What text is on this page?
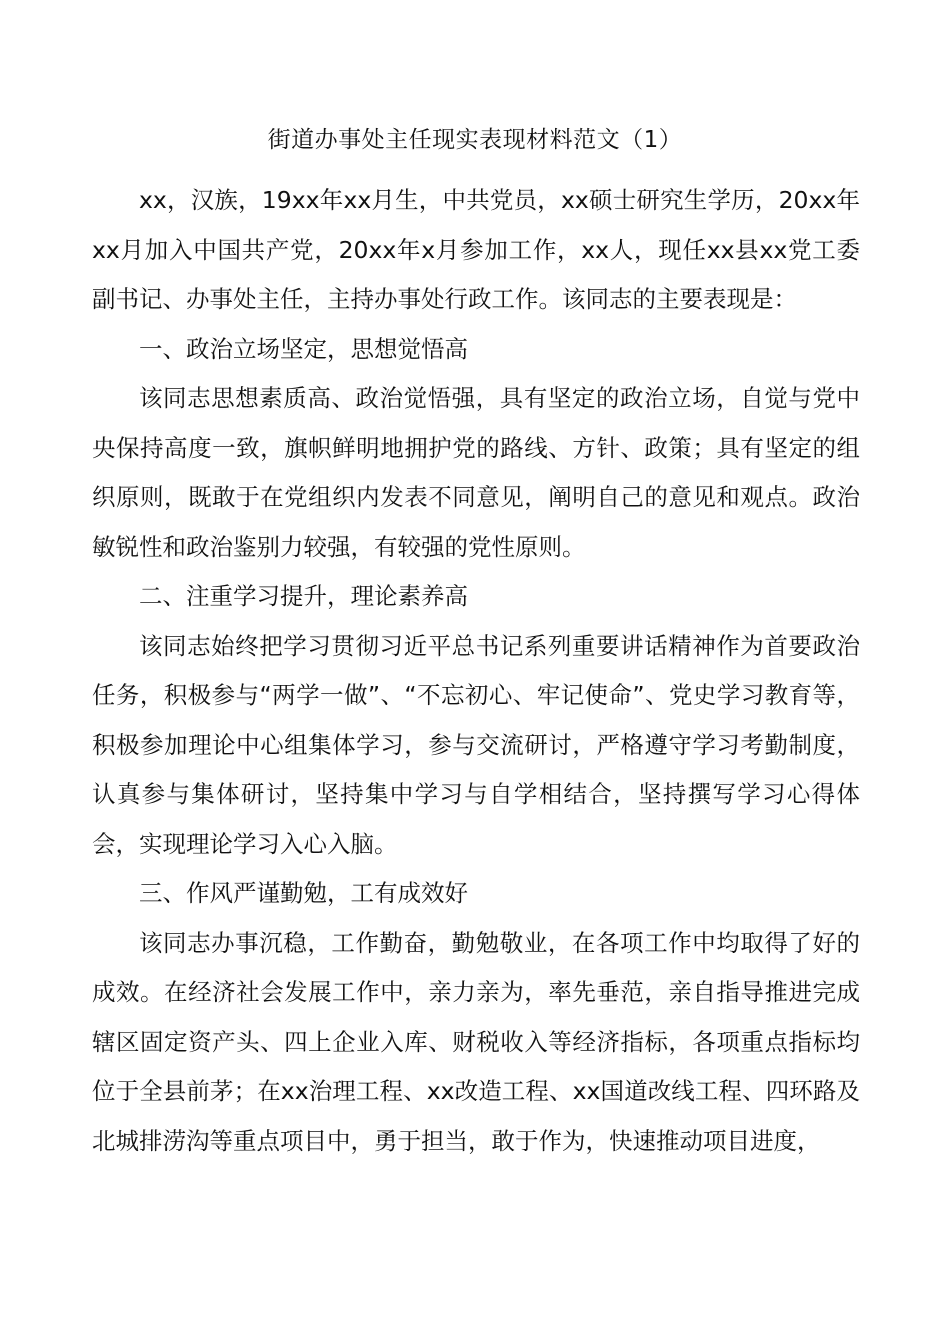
街道办事处主任现实表现材料范文（1）

xx，汉族，19xx年xx月生，中共党员，xx硕士研究生学历，20xx年xx月加入中国共产党，20xx年x月参加工作，xx人，现任xx县xx党工委副书记、办事处主任，主持办事处行政工作。该同志的主要表现是：

一、政治立场坚定，思想觉悟高

该同志思想素质高、政治觉悟强，具有坚定的政治立场，自觉与党中央保持高度一致，旗帜鲜明地拥护党的路线、方针、政策；具有坚定的组织原则，既敢于在党组织内发表不同意见，阐明自己的意见和观点。政治敏锐性和政治鉴别力较强，有较强的党性原则。

二、注重学习提升，理论素养高

该同志始终把学习贯彻习近平总书记系列重要讲话精神作为首要政治任务，积极参与“两学一做”、“不忘初心、牢记使命”、党史学习教育等，积极参加理论中心组集体学习，参与交流研讨，严格遵守学习考勤制度，认真参与集体研讨，坚持集中学习与自学相结合，坚持撰写学习心得体会，实现理论学习入心入脑。

三、作风严谨勤勉，工有成效好

该同志办事沉稳，工作勤奋，勤勉敬业，在各项工作中均取得了好的成效。在经济社会发展工作中，亲力亲为，率先垂范，亲自指导推进完成辖区固定资产头、四上企业入库、财税收入等经济指标，各项重点指标均位于全县前茅；在xx治理工程、xx改造工程、xx国道改线工程、四环路及北城排涝沟等重点项目中，勇于担当，敢于作为，快速推动项目进度，
